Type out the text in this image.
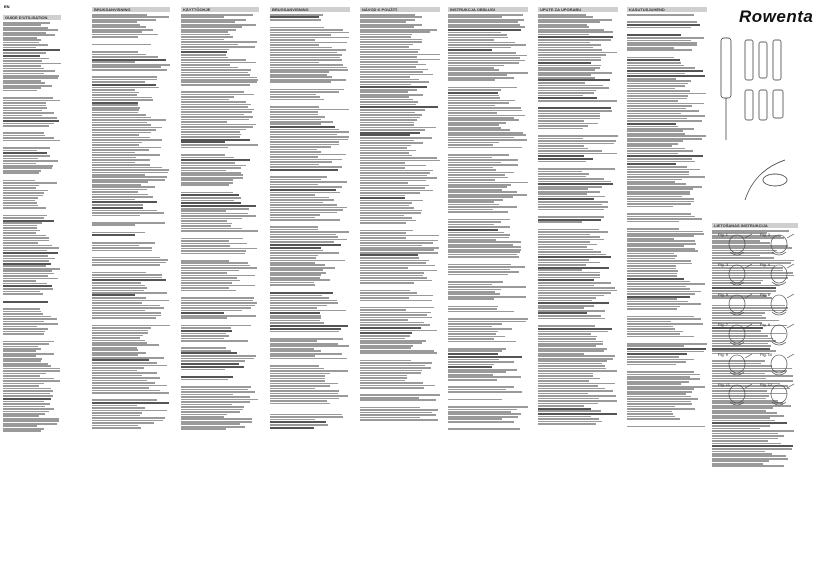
EN
GUIDE D'UTILISATION
BRUKSANVISNING	KÄYTTÖOHJE	BRUGSANVISNING	NÁVOD K POUŽITÍ	INSTRUKCJA OBSŁUGI	UPUTE ZA UPORABU	KASUTUSJUHEND
LIETOŠANAS INSTRUKCIJA
Rowenta
Fig. 1	Fig. 2
Fig. 3	Fig. 4
Fig. 5	Fig. 6
Fig. 7	Fig. 8
Fig. 9	Fig. 10
Fig. 11	Fig. 12
